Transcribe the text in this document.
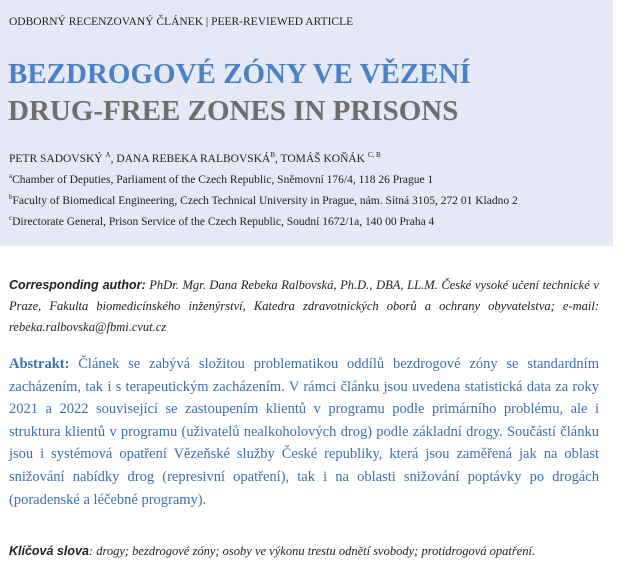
ODBORNÝ RECENZOVANÝ ČLÁNEK | PEER-REVIEWED ARTICLE
BEZDROGOVÉ ZÓNY VE VĚZENÍ
DRUG-FREE ZONES IN PRISONS
PETR SADOVSKÝ $^A$, DANA REBEKA $RALBOVSKÁ^B$, TOMÁŠ KOŇÁK $^{C, B}$
$^a$Chamber of Deputies, Parliament of the Czech Republic, Sněmovní 176/4, 118 26 Prague 1
$^b$Faculty of Biomedical Engineering, Czech Technical University in Prague, nám. Sítná 3105, 272 01 Kladno 2
$^c$Directorate General, Prison Service of the Czech Republic, Soudní 1672/1a, 140 00 Praha 4
Corresponding author: PhDr. Mgr. Dana Rebeka Ralbovská, Ph.D., DBA, LL.M. České vysoké učení technické v Praze, Fakulta biomedicínského inženýrství, Katedra zdravotnických oborů a ochrany obyvatelstva; e-mail: rebeka.ralbovska@fbmi.cvut.cz
Abstrakt: Článek se zabývá složitou problematikou oddílů bezdrogové zóny se standardním zacházením, tak i s terapeutickým zacházením. V rámci článku jsou uvedena statistická data za roky 2021 a 2022 související se zastoupením klientů v programu podle primárního problému, ale i struktura klientů v programu (uživatelů nealkoholových drog) podle základní drogy. Součástí článku jsou i systémová opatření Vězeňské služby České republiky, která jsou zaměřená jak na oblast snižování nabídky drog (represivní opatření), tak i na oblasti snižování poptávky po drogách (poradenské a léčebné programy).
Klíčová slova: drogy; bezdrogové zóny; osoby ve výkonu trestu odnětí svobody; protidrogová opatření.
